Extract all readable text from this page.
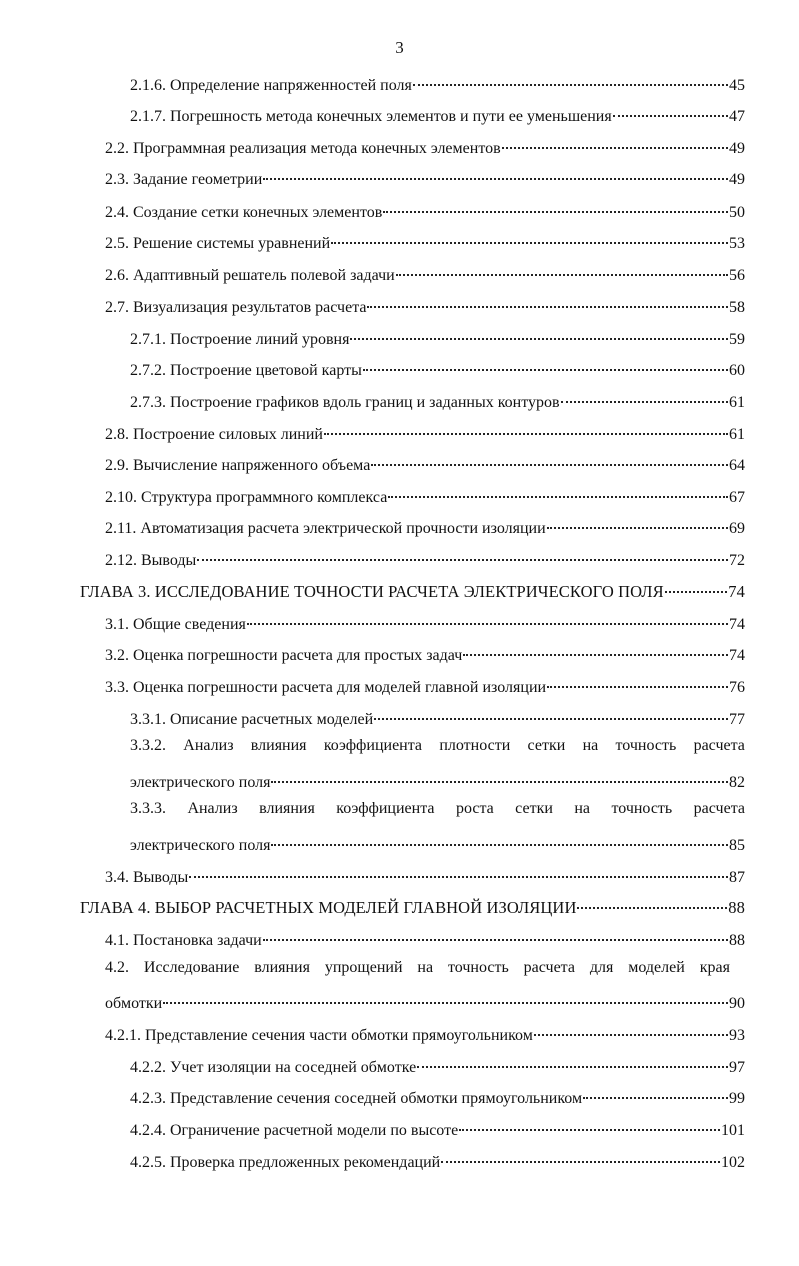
3
2.1.6. Определение напряженностей поля	45
2.1.7. Погрешность метода конечных элементов и пути ее уменьшения	47
2.2. Программная реализация метода конечных элементов	49
2.3. Задание геометрии	49
2.4. Создание сетки конечных элементов	50
2.5. Решение системы уравнений	53
2.6. Адаптивный решатель полевой задачи	56
2.7. Визуализация результатов расчета	58
2.7.1. Построение линий уровня	59
2.7.2. Построение цветовой карты	60
2.7.3. Построение графиков вдоль границ и заданных контуров	61
2.8. Построение силовых линий	61
2.9. Вычисление напряженного объема	64
2.10. Структура программного комплекса	67
2.11. Автоматизация расчета электрической прочности изоляции	69
2.12. Выводы	72
ГЛАВА 3. ИССЛЕДОВАНИЕ ТОЧНОСТИ РАСЧЕТА ЭЛЕКТРИЧЕСКОГО ПОЛЯ	74
3.1. Общие сведения	74
3.2. Оценка погрешности расчета для простых задач	74
3.3. Оценка погрешности расчета для моделей главной изоляции	76
3.3.1. Описание расчетных моделей	77
3.3.2. Анализ влияния коэффициента плотности сетки на точность расчета
электрического поля	82
3.3.3. Анализ влияния коэффициента роста сетки на точность расчета
электрического поля	85
3.4. Выводы	87
ГЛАВА 4. ВЫБОР РАСЧЕТНЫХ МОДЕЛЕЙ ГЛАВНОЙ ИЗОЛЯЦИИ	88
4.1. Постановка задачи	88
4.2. Исследование влияния упрощений на точность расчета для моделей края
обмотки	90
4.2.1. Представление сечения части обмотки прямоугольником	93
4.2.2. Учет изоляции на соседней обмотке	97
4.2.3. Представление сечения соседней обмотки прямоугольником	99
4.2.4. Ограничение расчетной модели по высоте	101
4.2.5. Проверка предложенных рекомендаций	102
